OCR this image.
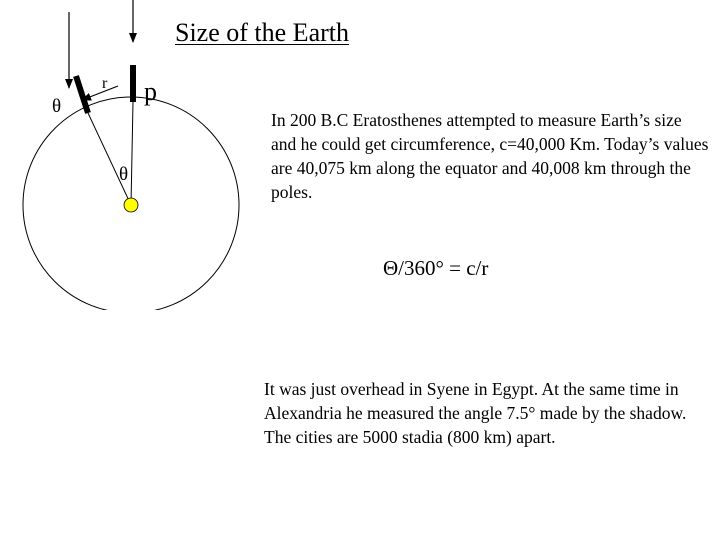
θ
r p
θ
Size of the Earth

In 200 B.C Eratosthenes attempted to measure Earth’s size and he could get circumference, c=40,000 Km. Today’s values are 40,075 km along the equator and 40,008 km through the poles.

Θ/360° = c/r

It was just overhead in Syene in Egypt. At the same time in Alexandria he measured the angle 7.5° made by the shadow. The cities are 5000 stadia (800 km) apart.
